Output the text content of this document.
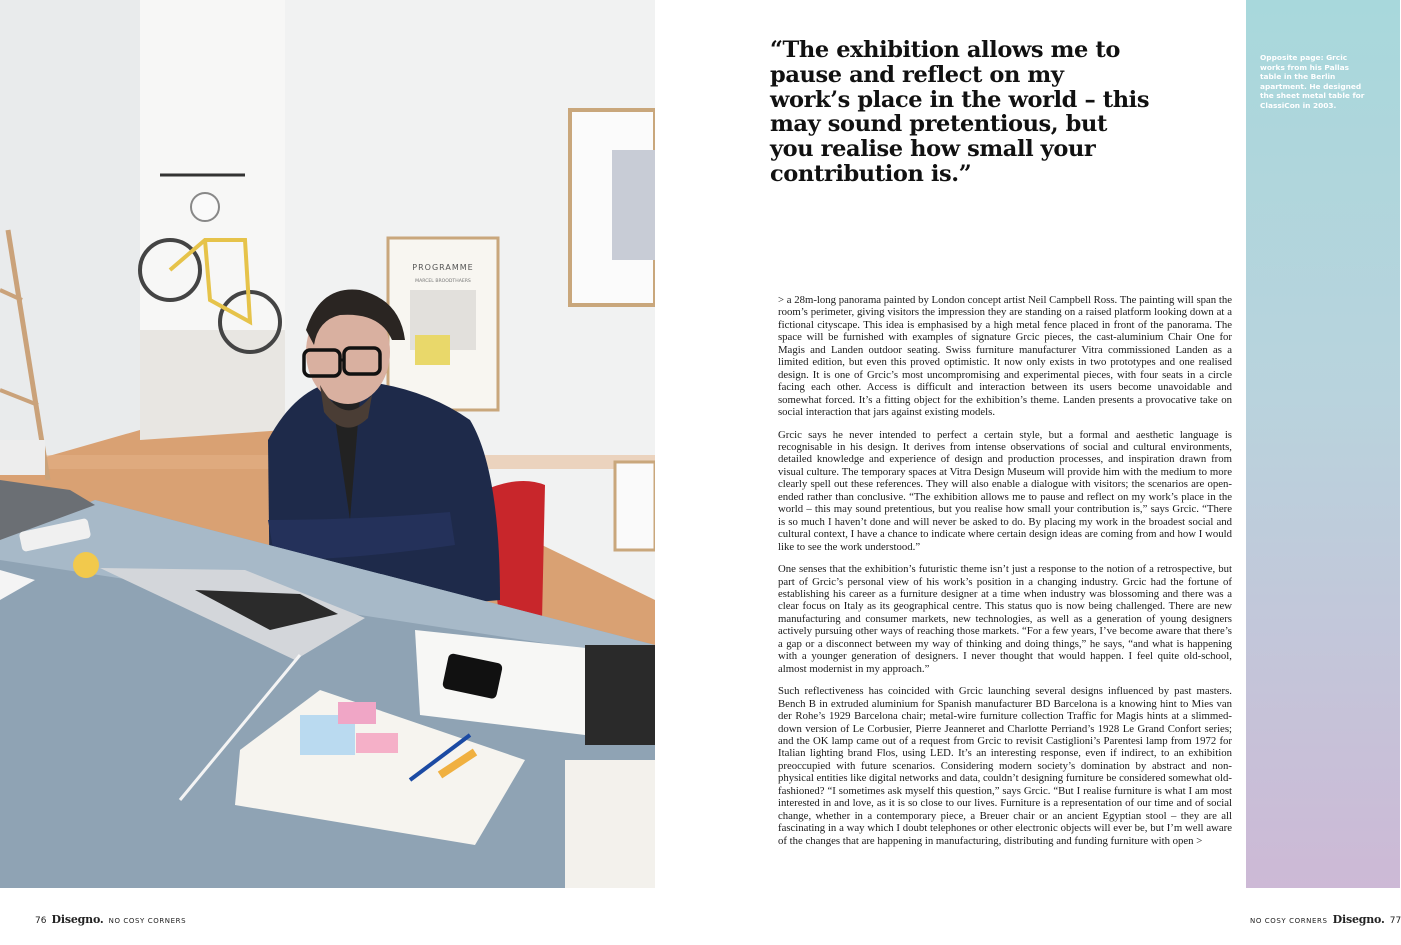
PROGRAMME
MARCEL BROODTHAERS
Opposite page: Grcic works from his Pallas table in the Berlin apartment. He designed the sheet metal table for ClassiCon in 2003.
“The exhibition allows me to pause and reflect on my work’s place in the world – this may sound pretentious, but you realise how small your contribution is.”

> a 28m-long panorama painted by London concept artist Neil Campbell Ross. The painting will span the room’s perimeter, giving visitors the impression they are standing on a raised platform looking down at a fictional cityscape. This idea is emphasised by a high metal fence placed in front of the panorama. The space will be furnished with examples of signature Grcic pieces, the cast-aluminium Chair One for Magis and Landen outdoor seating. Swiss furniture manufacturer Vitra commissioned Landen as a limited edition, but even this proved optimistic. It now only exists in two prototypes and one realised design. It is one of Grcic’s most uncompromising and experimental pieces, with four seats in a circle facing each other. Access is difficult and interaction between its users become unavoidable and somewhat forced. It’s a fitting object for the exhibition’s theme. Landen presents a provocative take on social interaction that jars against existing models.

Grcic says he never intended to perfect a certain style, but a formal and aesthetic language is recognisable in his design. It derives from intense observations of social and cultural environments, detailed knowledge and experience of design and production processes, and inspiration drawn from visual culture. The temporary spaces at Vitra Design Museum will provide him with the medium to more clearly spell out these references. They will also enable a dialogue with visitors; the scenarios are open-ended rather than conclusive. “The exhibition allows me to pause and reflect on my work’s place in the world – this may sound pretentious, but you realise how small your contribution is,” says Grcic. “There is so much I haven’t done and will never be asked to do. By placing my work in the broadest social and cultural context, I have a chance to indicate where certain design ideas are coming from and how I would like to see the work understood.”

One senses that the exhibition’s futuristic theme isn’t just a response to the notion of a retrospective, but part of Grcic’s personal view of his work’s position in a changing industry. Grcic had the fortune of establishing his career as a furniture designer at a time when industry was blossoming and there was a clear focus on Italy as its geographical centre. This status quo is now being challenged. There are new manufacturing and consumer markets, new technologies, as well as a generation of young designers actively pursuing other ways of reaching those markets. “For a few years, I’ve become aware that there’s a gap or a disconnect between my way of thinking and doing things,” he says, “and what is happening with a younger generation of designers. I never thought that would happen. I feel quite old-school, almost modernist in my approach.”

Such reflectiveness has coincided with Grcic launching several designs influenced by past masters. Bench B in extruded aluminium for Spanish manufacturer BD Barcelona is a knowing hint to Mies van der Rohe’s 1929 Barcelona chair; metal-wire furniture collection Traffic for Magis hints at a slimmed-down version of Le Corbusier, Pierre Jeanneret and Charlotte Perriand’s 1928 Le Grand Confort series; and the OK lamp came out of a request from Grcic to revisit Castiglioni’s Parentesi lamp from 1972 for Italian lighting brand Flos, using LED. It’s an interesting response, even if indirect, to an exhibition preoccupied with future scenarios. Considering modern society’s domination by abstract and non-physical entities like digital networks and data, couldn’t designing furniture be considered somewhat old-fashioned? “I sometimes ask myself this question,” says Grcic. “But I realise furniture is what I am most interested in and love, as it is so close to our lives. Furniture is a representation of our time and of social change, whether in a contemporary piece, a Breuer chair or an ancient Egyptian stool – they are all fascinating in a way which I doubt telephones or other electronic objects will ever be, but I’m well aware of the changes that are happening in manufacturing, distributing and funding furniture with open >

76 Disegno. NO COSY CORNERS	NO COSY CORNERS Disegno. 77
